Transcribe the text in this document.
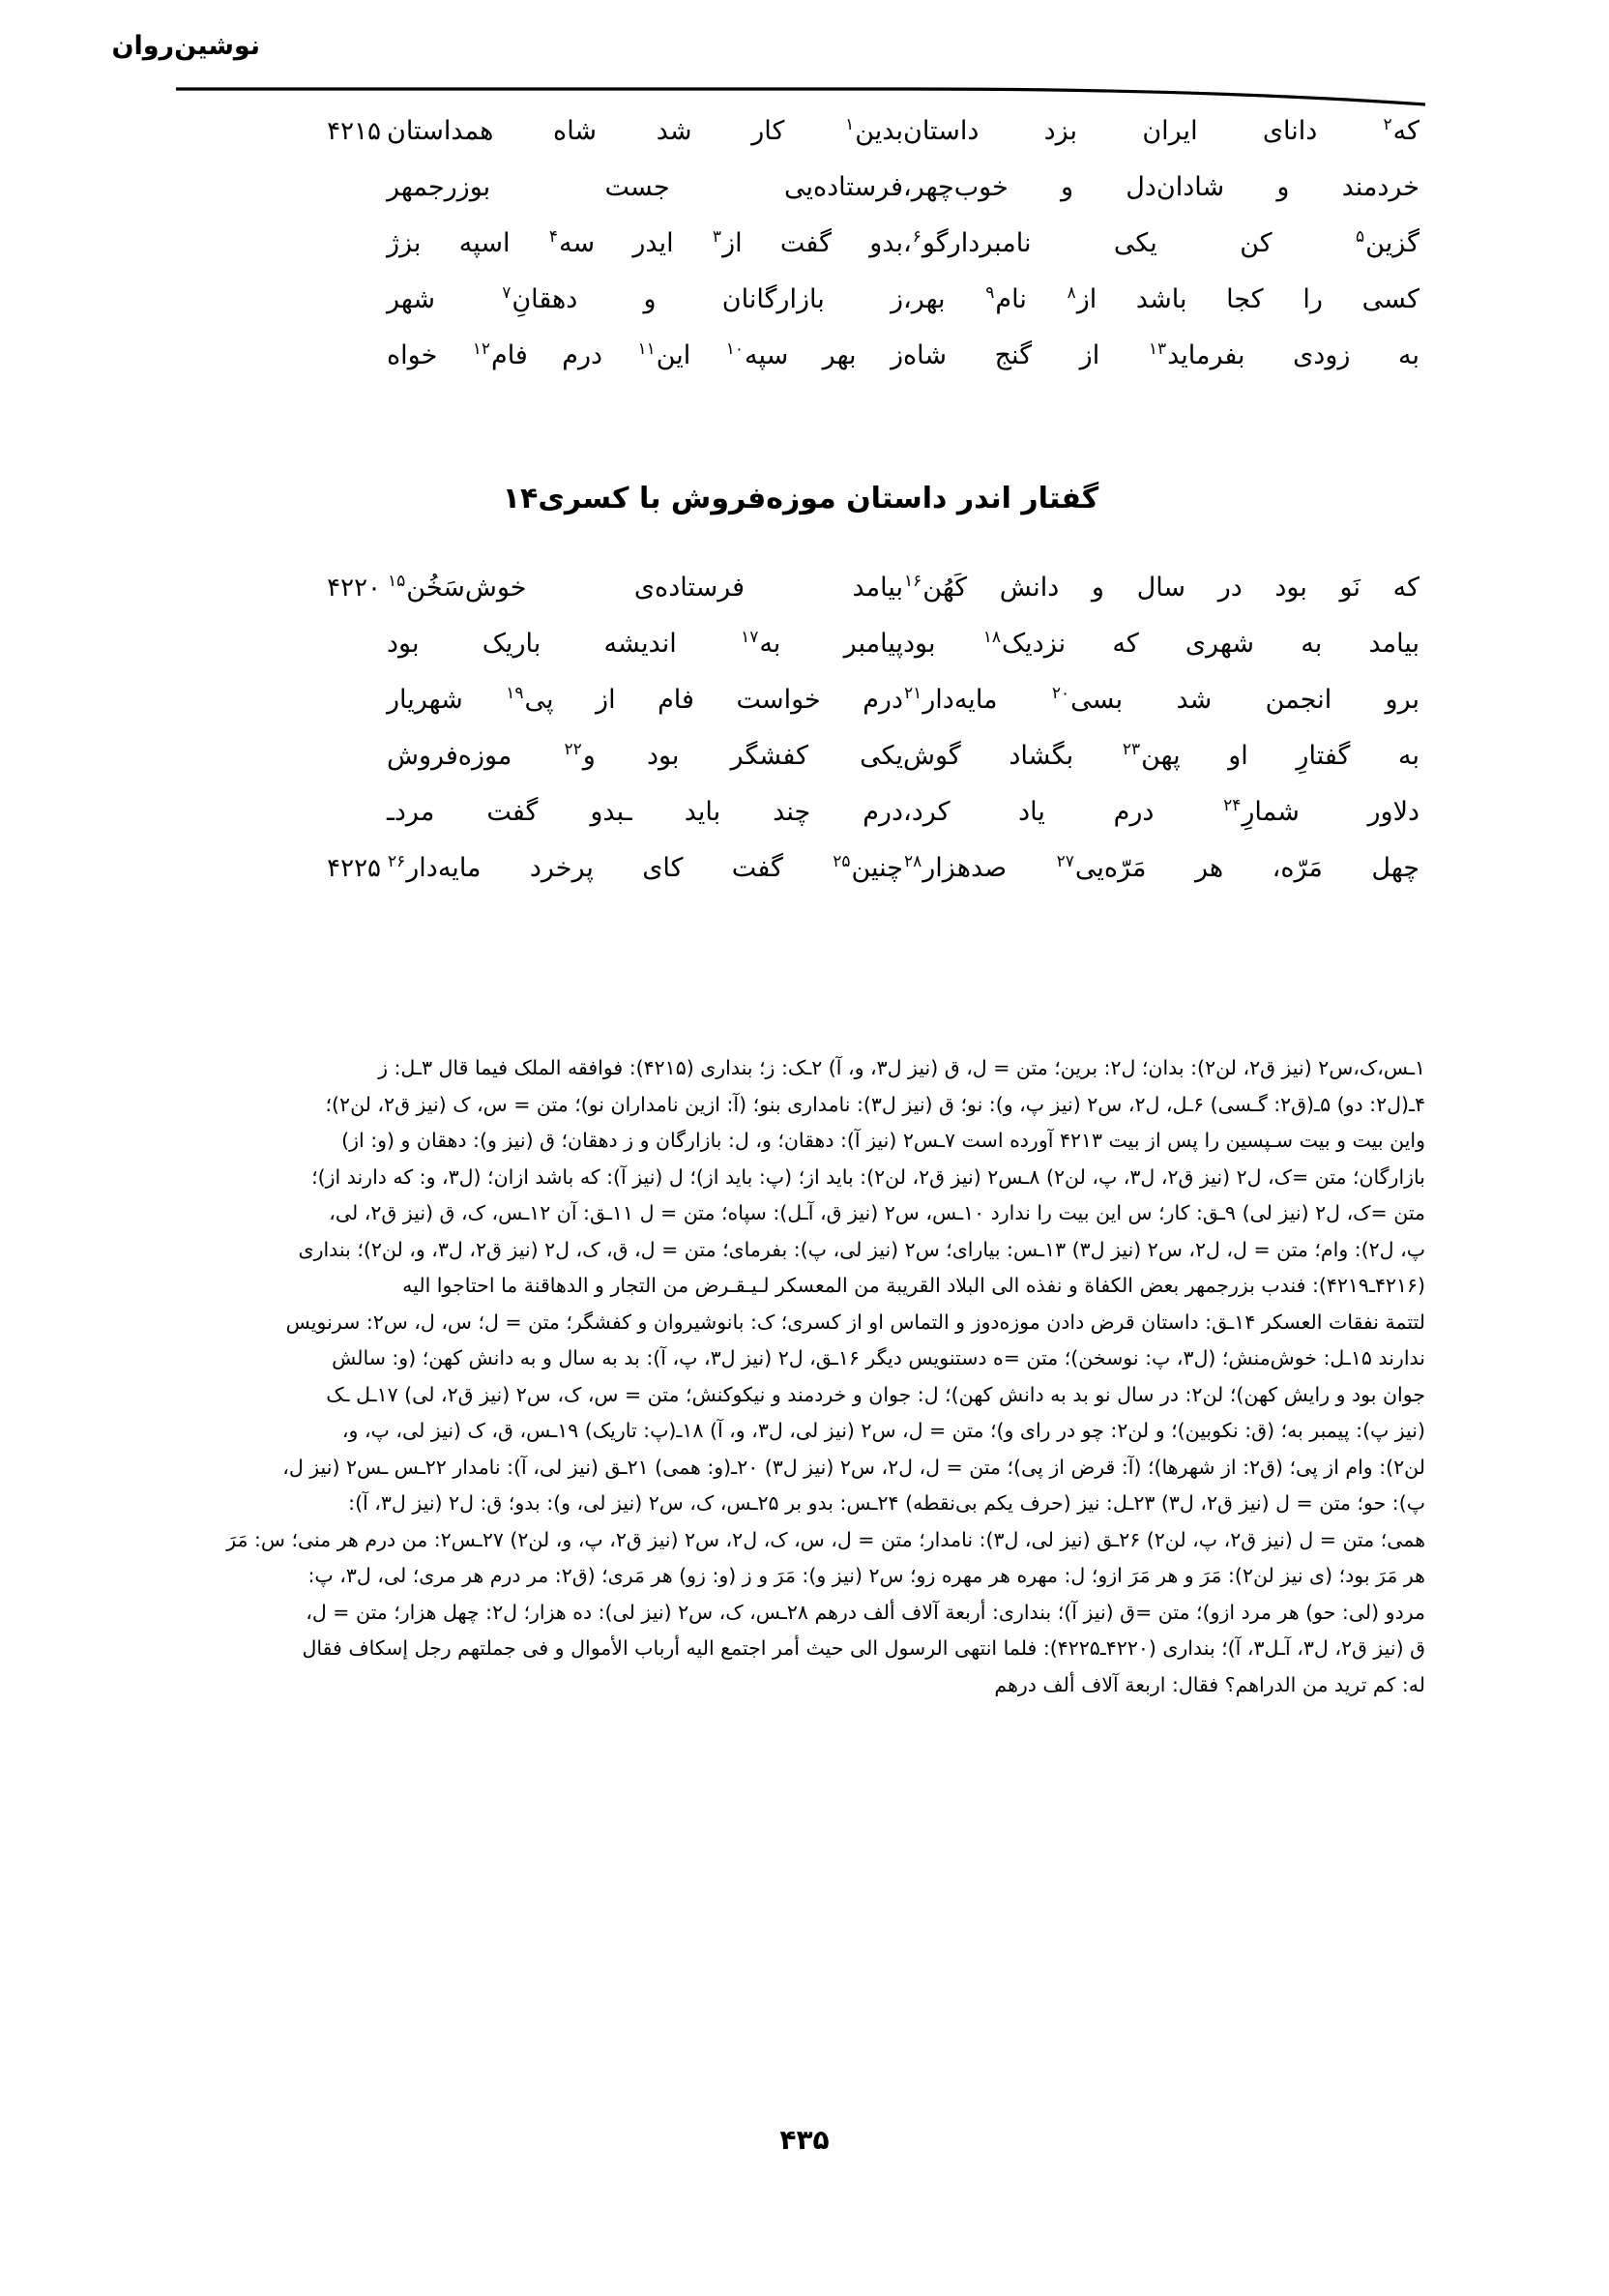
نوشین‌روان
که$^۲$ دانای ایران بزد داستان
بدین$^۱$ کار شد شاه همداستان
۴۲۱۵
خردمند و شادان‌دل و خوب‌چهر،
فرستاده‌یی جست بوزرجمهر
گزین$^۵$ کن یکی نامبردارگو$^۶$،
بدو گفت از$^۳$ ایدر سه$^۴$ اسپه بزژ
کسی را کجا باشد از$^۸$ نام$^۹$ بهر،
ز بازارگانان و دهقانِ$^۷$ شهر
به زودی بفرماید$^{۱۳}$ از گنج شاه
ز بهر سپه$^{۱۰}$ این$^{۱۱}$ درم فام$^{۱۲}$ خواه
گفتار اندر داستان موزه‌فروش با کسری۱۴
که نَو بود در سال و دانش کَهُن$^{۱۶}$
بیامد فرستاده‌ی خوش‌سَخُن$^{۱۵}$
۴۲۲۰
بیامد به شهری که نزدیک$^{۱۸}$ بود
پیامبر به$^{۱۷}$ اندیشه باریک بود
برو انجمن شد بسی$^{۲۰}$ مایه‌دار$^{۲۱}$
درم خواست فام از پی$^{۱۹}$ شهریار
به گفتارِ او پهن$^{۲۳}$ بگشاد گوش
یکی کفشگر بود و$^{۲۲}$ موزه‌فروش
دلاور شمارِ$^{۲۴}$ درم یاد کرد،
درم چند باید ـبدو گفت مردـ
چهل مَرّه، هر مَرّه‌یی$^{۲۷}$ صدهزار$^{۲۸}$
چنین$^{۲۵}$ گفت کای پرخرد مایه‌دار$^{۲۶}$
۴۲۲۵
۱ـس،ک،س۲ (نیز ق۲، لن۲): بدان؛ ل۲: برین؛ متن = ل، ق (نیز ل۳، و، آ) ۲ـک: ز؛ بنداری (۴۲۱۵): فوافقه الملک فیما قال ۳ـل: ز
۴ـ(ل۲: دو) ۵ـ(ق۲: گـسی) ۶ـل، ل۲، س۲ (نیز پ، و): نو؛ ق (نیز ل۳): نامداری بنو؛ (آ: ازین نامداران نو)؛ متن = س، ک (نیز ق۲، لن۲)؛
واین بیت و بیت سـپسین را پس از بیت ۴۲۱۳ آورده است ۷ـس۲ (نیز آ): دهقان؛ و، ل: بازارگان و ز دهقان؛ ق (نیز و): دهقان و (و: از)
بازارگان؛ متن =ک، ل۲ (نیز ق۲، ل۳، پ، لن۲) ۸ـس۲ (نیز ق۲، لن۲): باید از؛ (پ: باید از)؛ ل (نیز آ): که باشد ازان؛ (ل۳، و: که دارند از)؛
متن =ک، ل۲ (نیز لی) ۹ـق: کار؛ س این بیت را ندارد ۱۰ـس، س۲ (نیز ق، آـل): سپاه؛ متن = ل ۱۱ـق: آن ۱۲ـس، ک، ق (نیز ق۲، لی،
پ، ل۲): وام؛ متن = ل، ل۲، س۲ (نیز ل۳) ۱۳ـس: بیارای؛ س۲ (نیز لی، پ): بفرمای؛ متن = ل، ق، ک، ل۲ (نیز ق۲، ل۳، و، لن۲)؛ بنداری
(۴۲۱۶ـ۴۲۱۹): فندب بزرجمهر بعض الکفاة و نفذه الی البلاد القریبة من المعسکر لـیـقـرض من التجار و الدهاقنة ما احتاجوا الیه
لتتمة نفقات العسکر ۱۴ـق: داستان قرض دادن موزه‌دوز و التماس او از کسری؛ ک: بانوشیروان و کفشگر؛ متن = ل؛ س، ل، س۲: سرنویس
ندارند ۱۵ـل: خوش‌منش؛ (ل۳، پ: نوسخن)؛ متن =ه دستنویس دیگر ۱۶ـق، ل۲ (نیز ل۳، پ، آ): بد به سال و به دانش کهن؛ (و: سالش
جوان بود و رایش کهن)؛ لن۲: در سال نو بد به دانش کهن)؛ ل: جوان و خردمند و نیکوکنش؛ متن = س، ک، س۲ (نیز ق۲، لی) ۱۷ـل ـک
(نیز پ): پیمبر به؛ (ق: نکوبین)؛ و لن۲: چو در رای و)؛ متن = ل، س۲ (نیز لی، ل۳، و، آ) ۱۸ـ(پ: تاریک) ۱۹ـس، ق، ک (نیز لی، پ، و،
لن۲): وام از پی؛ (ق۲: از شهرها)؛ (آ: قرض از پی)؛ متن = ل، ل۲، س۲ (نیز ل۳) ۲۰ـ(و: همی) ۲۱ـق (نیز لی، آ): نامدار ۲۲ـس ـس۲ (نیز ل،
پ): حو؛ متن = ل (نیز ق۲، ل۳) ۲۳ـل: نیز (حرف یکم بی‌نقطه) ۲۴ـس: بدو بر ۲۵ـس، ک، س۲ (نیز لی، و): بدو؛ ق: ل۲ (نیز ل۳، آ):
همی؛ متن = ل (نیز ق۲، پ، لن۲) ۲۶ـق (نیز لی، ل۳): نامدار؛ متن = ل، س، ک، ل۲، س۲ (نیز ق۲، پ، و، لن۲) ۲۷ـس۲: من درم هر منی؛ س: مَرَ
هر مَرَ بود؛ (ی نیز لن۲): مَرَ و هر مَرَ ازو؛ ل: مهره هر مهره زو؛ س۲ (نیز و): مَرَ و ز (و: زو) هر مَری؛ (ق۲: مر درم هر مری؛ لی، ل۳، پ:
مردو (لی: حو) هر مرد ازو)؛ متن =ق (نیز آ)؛ بنداری: أربعة آلاف ألف درهم ۲۸ـس، ک، س۲ (نیز لی): ده هزار؛ ل۲: چهل هزار؛ متن = ل،
ق (نیز ق۲، ل۳، آـل۳، آ)؛ بنداری (۴۲۲۰ـ۴۲۲۵): فلما انتهی الرسول الی حیث أمر اجتمع الیه أرباب الأموال و فی جملتهم رجل إسکاف فقال
له: کم ترید من الدراهم؟ فقال: اربعة آلاف ألف درهم
۴۳۵
